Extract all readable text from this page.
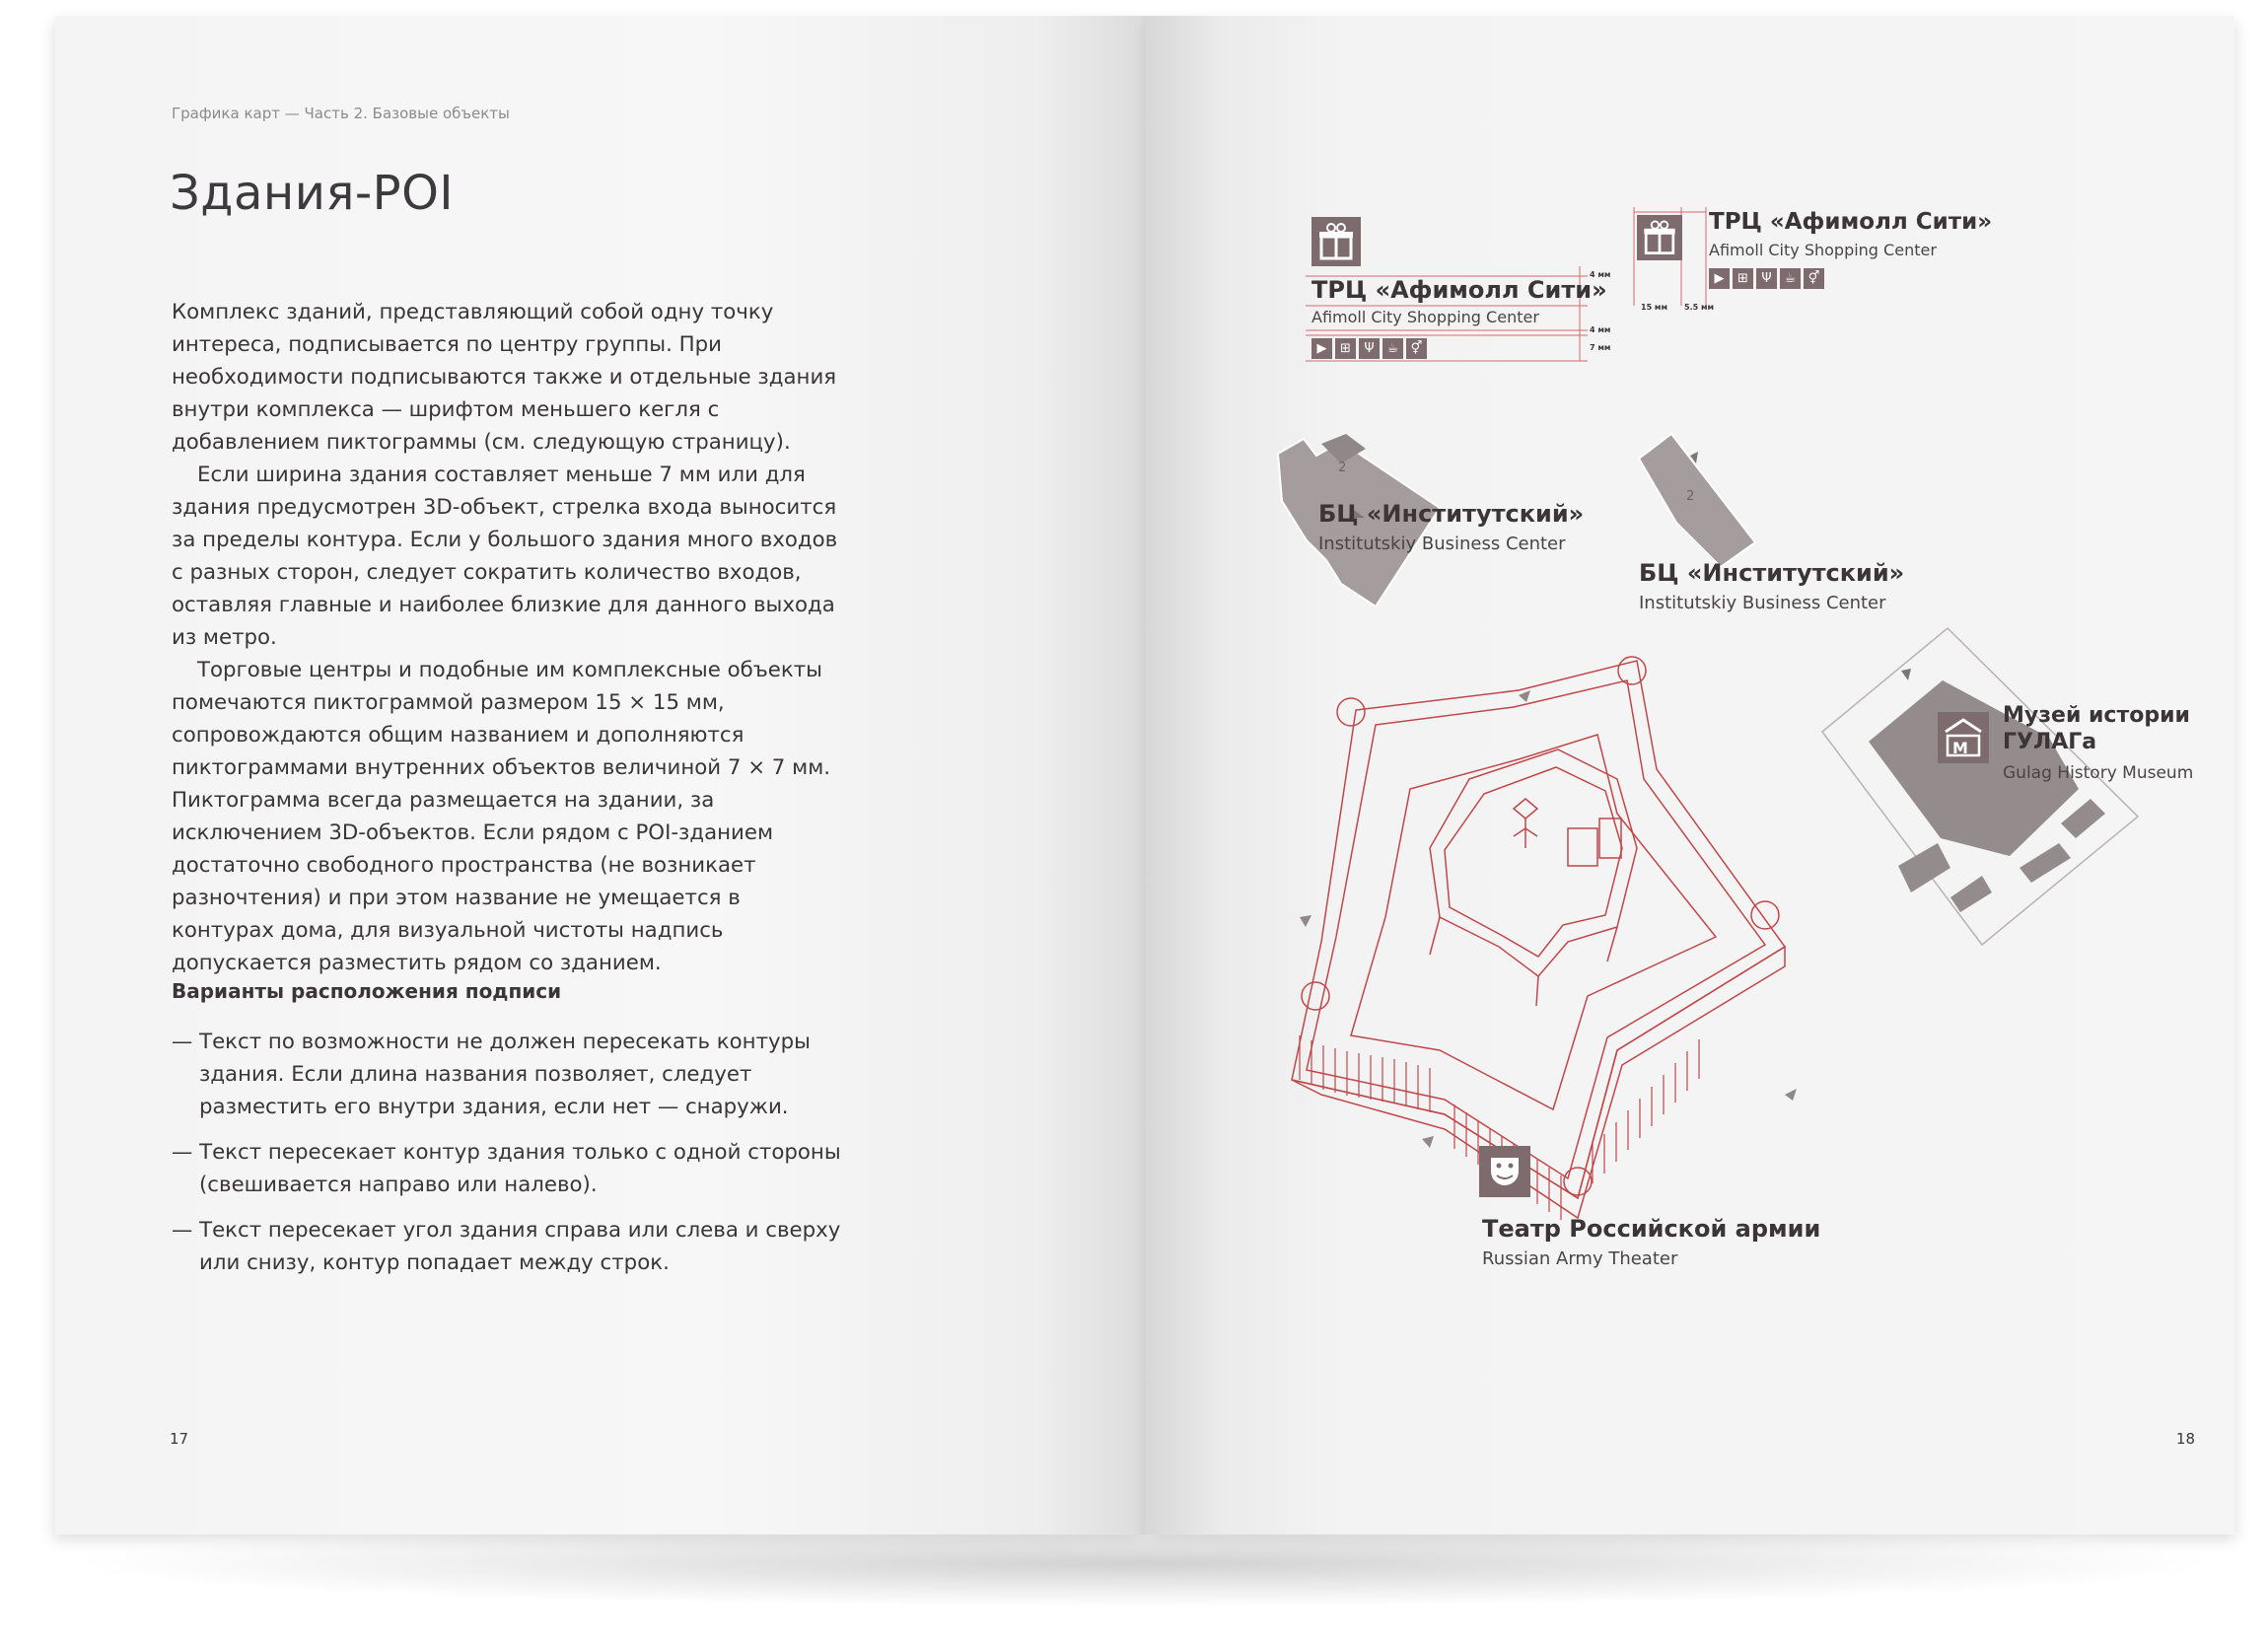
Графика карт — Часть 2. Базовые объекты
Здания-POI

Комплекс зданий, представляющий собой одну точку интереса, подписывается по центру группы. При необходимости подписываются также и отдельные здания внутри комплекса — шрифтом меньшего кегля с добавлением пиктограммы (см. следующую страницу).

Если ширина здания составляет меньше 7 мм или для здания предусмотрен 3D-объект, стрелка входа выносится за пределы контура. Если у большого здания много входов с разных сторон, следует сократить количество входов, оставляя главные и наиболее близкие для данного выхода из метро.

Торговые центры и подобные им комплексные объекты помечаются пиктограммой размером 15 × 15 мм, сопровождаются общим названием и дополняются пиктограммами внутренних объектов величиной 7 × 7 мм. Пиктограмма всегда размещается на здании, за исключением 3D-объектов. Если рядом с POI-зданием достаточно свободного пространства (не возникает разночтения) и при этом название не умещается в контурах дома, для визуальной чистоты надпись допускается разместить рядом со зданием.

Варианты расположения подписи
— Текст по возможности не должен пересекать контуры здания. Если длина названия позволяет, следует разместить его внутри здания, если нет — снаружи.
— Текст пересекает контур здания только с одной стороны (свешивается направо или налево).
— Текст пересекает угол здания справа или слева и сверху или снизу, контур попадает между строк.
17
2
2
M
ТРЦ «Афимолл Сити»
Afimoll City Shopping Center
▶	⊞	Ψ	☕ ⚥
4 мм
4 мм
7 мм
ТРЦ «Афимолл Сити»
Afimoll City Shopping Center
▶	⊞	Ψ	☕ ⚥
15 мм 5.5 мм
БЦ «Институтский»
Institutskiy Business Center
БЦ «Институтский»
Institutskiy Business Center
Музей истории
ГУЛАГа
Gulag History Museum
Театр Российской армии
Russian Army Theater
18
